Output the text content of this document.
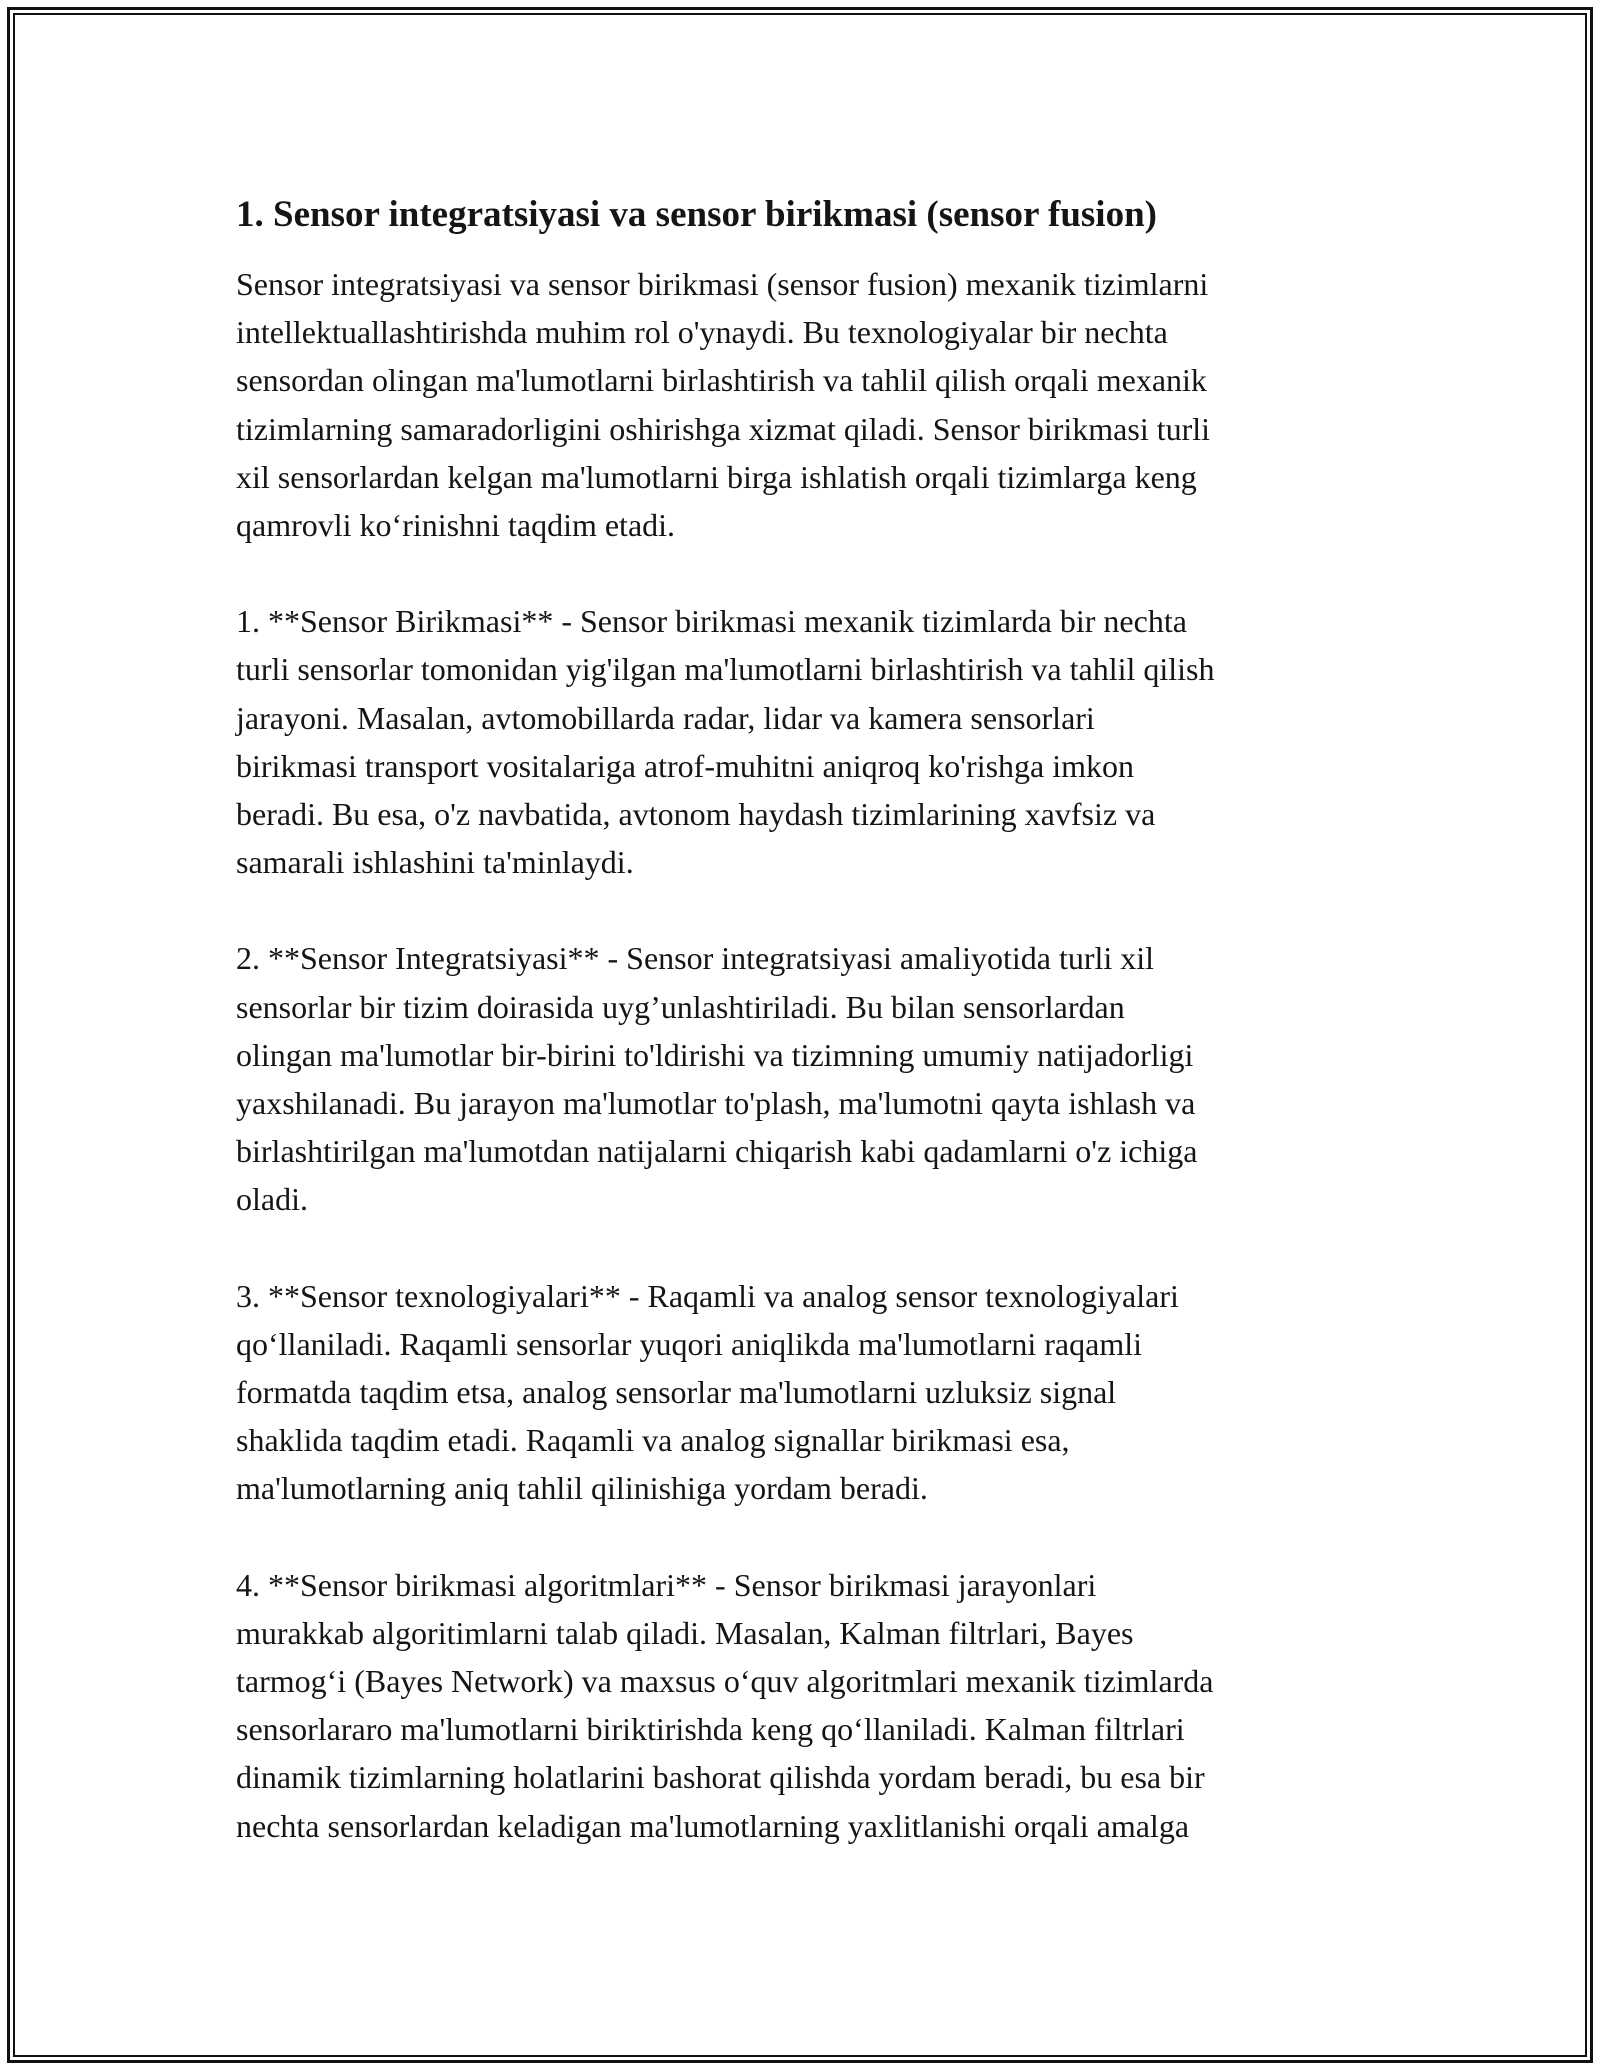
1. Sensor integratsiyasi va sensor birikmasi (sensor fusion)

Sensor integratsiyasi va sensor birikmasi (sensor fusion) mexanik tizimlarni
intellektuallashtirishda muhim rol o'ynaydi. Bu texnologiyalar bir nechta
sensordan olingan ma'lumotlarni birlashtirish va tahlil qilish orqali mexanik
tizimlarning samaradorligini oshirishga xizmat qiladi. Sensor birikmasi turli
xil sensorlardan kelgan ma'lumotlarni birga ishlatish orqali tizimlarga keng
qamrovli ko‘rinishni taqdim etadi.

1. **Sensor Birikmasi** - Sensor birikmasi mexanik tizimlarda bir nechta
turli sensorlar tomonidan yig'ilgan ma'lumotlarni birlashtirish va tahlil qilish
jarayoni. Masalan, avtomobillarda radar, lidar va kamera sensorlari
birikmasi transport vositalariga atrof-muhitni aniqroq ko'rishga imkon
beradi. Bu esa, o'z navbatida, avtonom haydash tizimlarining xavfsiz va
samarali ishlashini ta'minlaydi.

2. **Sensor Integratsiyasi** - Sensor integratsiyasi amaliyotida turli xil
sensorlar bir tizim doirasida uyg’unlashtiriladi. Bu bilan sensorlardan
olingan ma'lumotlar bir-birini to'ldirishi va tizimning umumiy natijadorligi
yaxshilanadi. Bu jarayon ma'lumotlar to'plash, ma'lumotni qayta ishlash va
birlashtirilgan ma'lumotdan natijalarni chiqarish kabi qadamlarni o'z ichiga
oladi.

3. **Sensor texnologiyalari** - Raqamli va analog sensor texnologiyalari
qo‘llaniladi. Raqamli sensorlar yuqori aniqlikda ma'lumotlarni raqamli
formatda taqdim etsa, analog sensorlar ma'lumotlarni uzluksiz signal
shaklida taqdim etadi. Raqamli va analog signallar birikmasi esa,
ma'lumotlarning aniq tahlil qilinishiga yordam beradi.

4. **Sensor birikmasi algoritmlari** - Sensor birikmasi jarayonlari
murakkab algoritimlarni talab qiladi. Masalan, Kalman filtrlari, Bayes
tarmog‘i (Bayes Network) va maxsus o‘quv algoritmlari mexanik tizimlarda
sensorlararo ma'lumotlarni biriktirishda keng qo‘llaniladi. Kalman filtrlari
dinamik tizimlarning holatlarini bashorat qilishda yordam beradi, bu esa bir
nechta sensorlardan keladigan ma'lumotlarning yaxlitlanishi orqali amalga
